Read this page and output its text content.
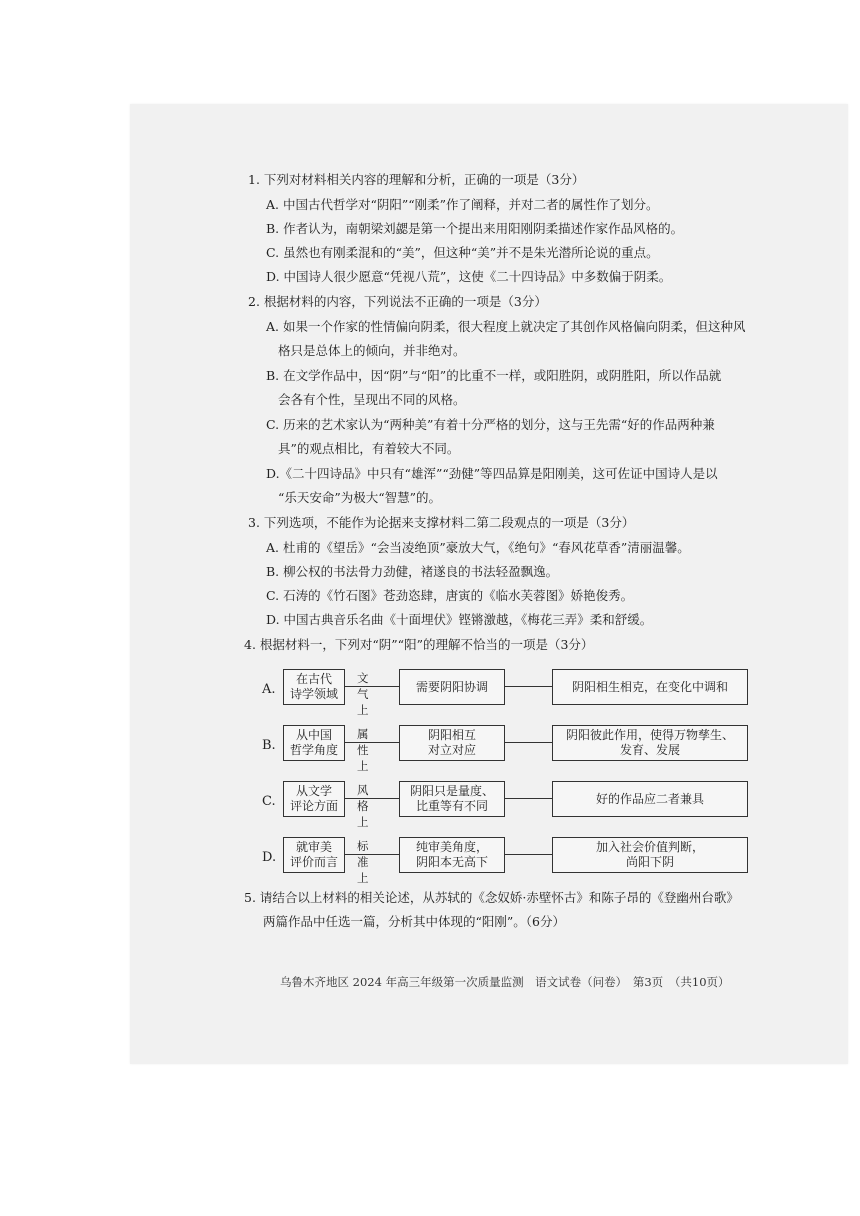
1. 下列对材料相关内容的理解和分析，正确的一项是（3分）
A. 中国古代哲学对“阴阳”“刚柔”作了阐释，并对二者的属性作了划分。
B. 作者认为，南朝梁刘勰是第一个提出来用阳刚阴柔描述作家作品风格的。
C. 虽然也有刚柔混和的“美”，但这种“美”并不是朱光潜所论说的重点。
D. 中国诗人很少愿意“凭视八荒”，这使《二十四诗品》中多数偏于阴柔。
2. 根据材料的内容，下列说法不正确的一项是（3分）
A. 如果一个作家的性情偏向阴柔，很大程度上就决定了其创作风格偏向阴柔，但这种风
格只是总体上的倾向，并非绝对。
B. 在文学作品中，因“阴”与“阳”的比重不一样，或阳胜阴，或阴胜阳，所以作品就
会各有个性，呈现出不同的风格。
C. 历来的艺术家认为“两种美”有着十分严格的划分，这与王先需“好的作品两种兼
具”的观点相比，有着较大不同。
D.《二十四诗品》中只有“雄浑”“劲健”等四品算是阳刚美，这可佐证中国诗人是以
“乐天安命”为极大“智慧”的。
3. 下列选项，不能作为论据来支撑材料二第二段观点的一项是（3分）
A. 杜甫的《望岳》“会当凌绝顶”豪放大气，《绝句》“春风花草香”清丽温馨。
B. 柳公权的书法骨力劲健，褚遂良的书法轻盈飘逸。
C. 石涛的《竹石图》苍劲恣肆，唐寅的《临水芙蓉图》娇艳俊秀。
D. 中国古典音乐名曲《十面埋伏》铿锵激越，《梅花三弄》柔和舒缓。
4. 根据材料一，下列对“阴”“阳”的理解不恰当的一项是（3分）
A.
在古代
诗学领域
文气上
需要阴阳协调	阴阳相生相克，在变化中调和
B.
从中国
哲学角度
属性上
阴阳相互
对立对应
阴阳彼此作用，使得万物孳生、
发育、发展
C.
从文学
评论方面
风格上
阴阳只是量度、
比重等有不同
好的作品应二者兼具
D.
就审美
评价而言
标准上
纯审美角度，
阴阳本无高下
加入社会价值判断，
尚阳下阴
5. 请结合以上材料的相关论述，从苏轼的《念奴娇·赤壁怀古》和陈子昂的《登幽州台歌》
两篇作品中任选一篇，分析其中体现的“阳刚”。（6分）
乌鲁木齐地区 2024 年高三年级第一次质量监测　语文试卷（问卷）　第3页　（共10页）
